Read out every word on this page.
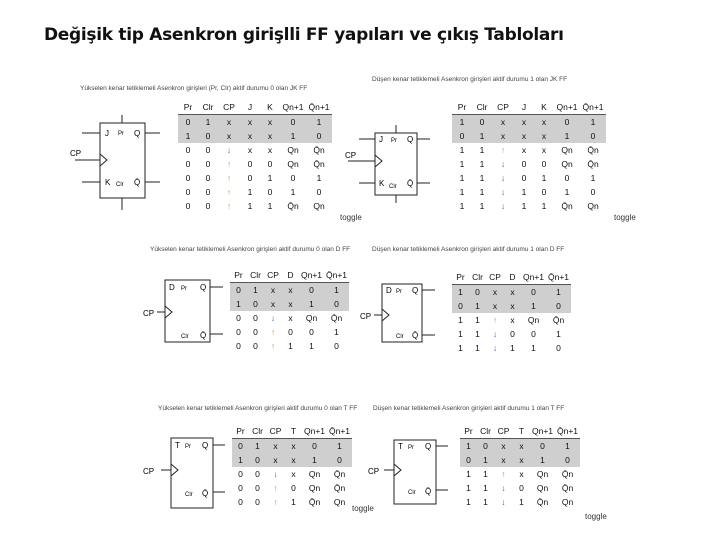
Değişik tip Asenkron girişlli FF yapıları ve çıkış Tabloları
Yükselen kenar tetiklemeli Asenkron girişleri (Pr, Clr) aktif durumu 0 olan JK FF
J
K
CP
Pr
Clr
Q
Q̄
Pr	Clr	CP	J	K	Qn+1	Q̄n+1
0	1	x	x	x	0	1
1	0	x	x	x	1	0
0	0	↓	x	x	Qn	Q̄n
0	0	↑	0	0	Qn	Q̄n
0	0	↑	0	1	0	1
0	0	↑	1	0	1	0
0	0	↑	1	1	Q̄n	Qn
toggle
Düşen kenar tetiklemeli Asenkron girişleri aktif durumu 1 olan JK FF
J
K
CP
Pr
Clr
Q
Q̄
Pr	Clr	CP	J	K	Qn+1	Q̄n+1
1	0	x	x	x	0	1
0	1	x	x	x	1	0
1	1	↑	x	x	Qn	Q̄n
1	1	↓	0	0	Qn	Q̄n
1	1	↓	0	1	0	1
1	1	↓	1	0	1	0
1	1	↓	1	1	Q̄n	Qn
toggle
Yükselen kenar tetiklemeli Asenkron girişleri aktif durumu 0 olan D FF
D
CP
Pr
Clr
Q
Q̄
Pr	Clr	CP	D	Qn+1	Q̄n+1
0	1	x	x	0	1
1	0	x	x	1	0
0	0	↓	x	Qn	Q̄n
0	0	↑	0	0	1
0	0	↑	1	1	0
Düşen kenar tetiklemeli Asenkron girişleri aktif durumu 1 olan D FF
D
CP
Pr
Clr
Q
Q̄
Pr	Clr	CP	D	Qn+1	Q̄n+1
1	0	x	x	0	1
0	1	x	x	1	0
1	1	↑	x	Qn	Q̄n
1	1	↓	0	0	1
1	1	↓	1	1	0
Yükselen kenar tetiklemeli Asenkron girişleri aktif durumu 0 olan T FF
T
CP
Pr
Clr
Q
Q̄
Pr	Clr	CP	T	Qn+1	Q̄n+1
0	1	x	x	0	1
1	0	x	x	1	0
0	0	↓	x	Qn	Q̄n
0	0	↑	0	Qn	Q̄n
0	0	↑	1	Q̄n	Qn
toggle
Düşen kenar tetiklemeli Asenkron girişleri aktif durumu 1 olan T FF
T
CP
Pr
Clr
Q
Q̄
Pr	Clr	CP	T	Qn+1	Q̄n+1
1	0	x	x	0	1
0	1	x	x	1	0
1	1	↑	x	Qn	Q̄n
1	1	↓	0	Qn	Q̄n
1	1	↓	1	Q̄n	Qn
toggle
